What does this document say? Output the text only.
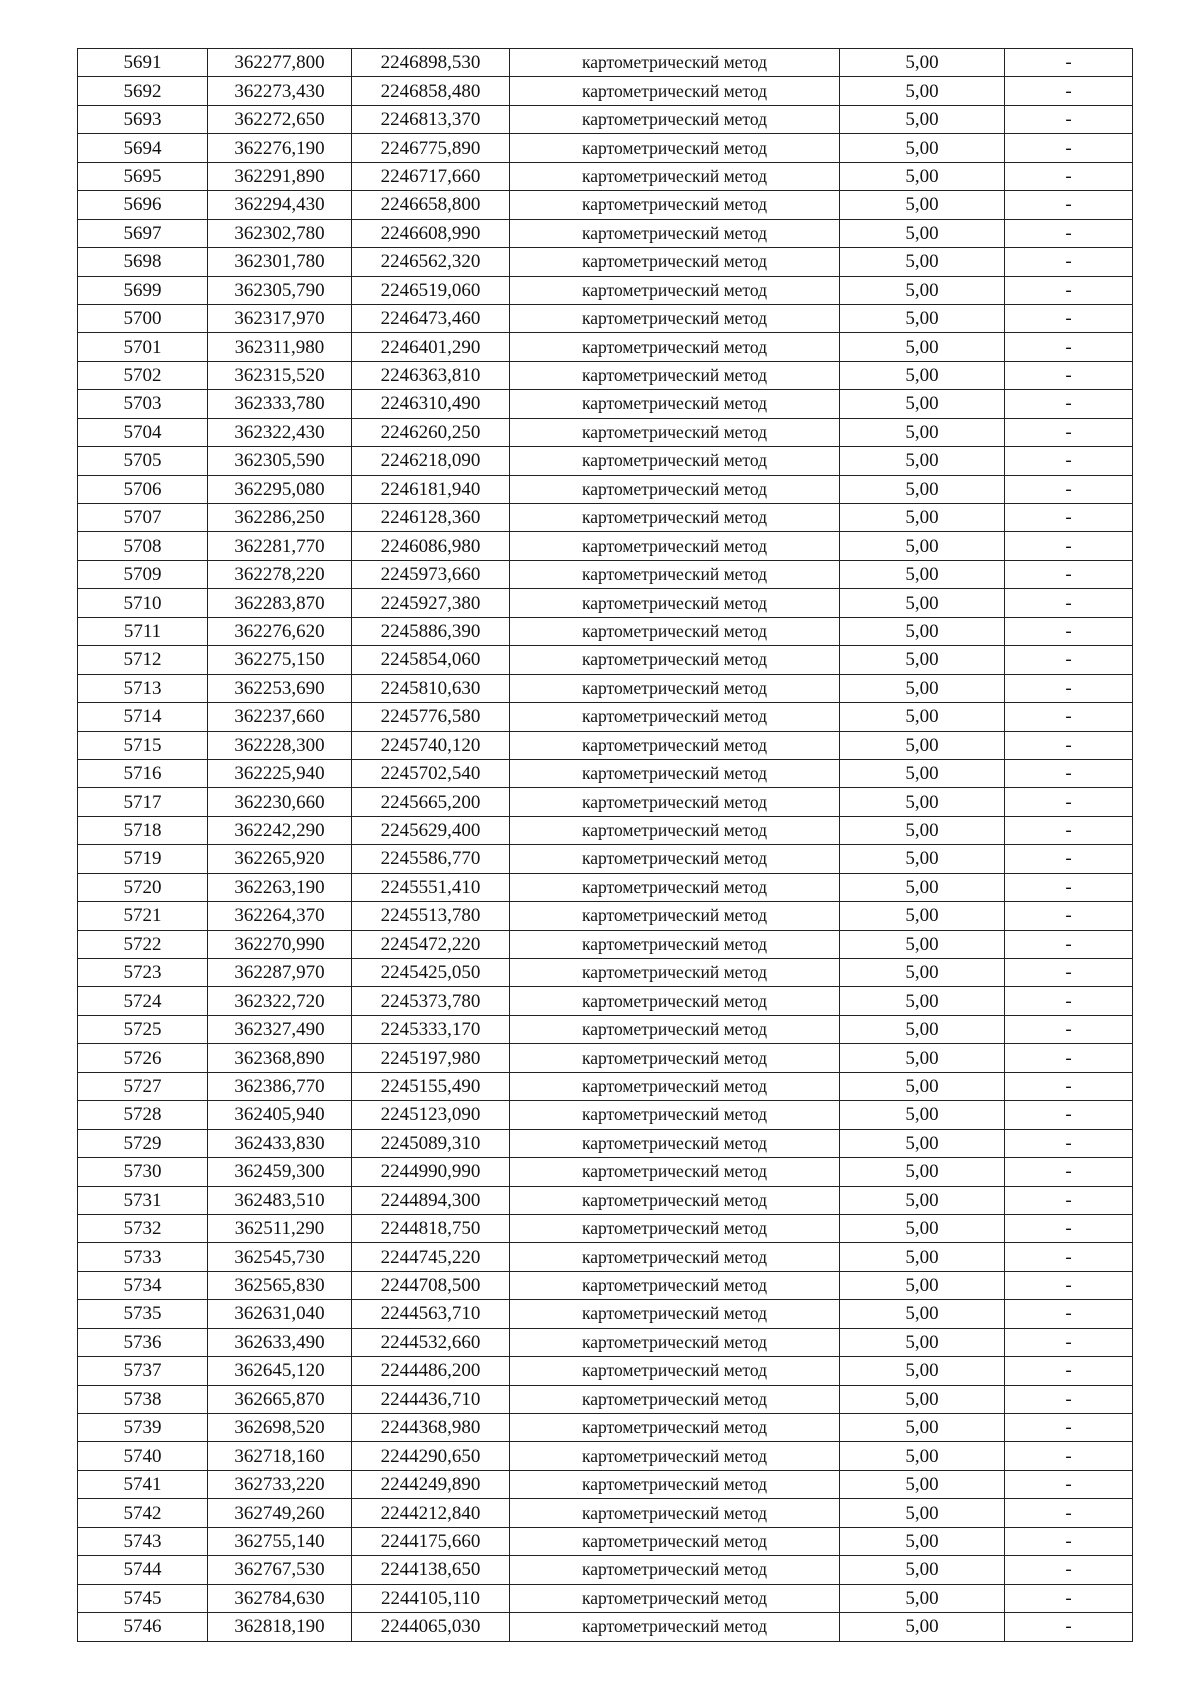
5691	362277,800	2246898,530	картометрический метод	5,00	-
5692	362273,430	2246858,480	картометрический метод	5,00	-
5693	362272,650	2246813,370	картометрический метод	5,00	-
5694	362276,190	2246775,890	картометрический метод	5,00	-
5695	362291,890	2246717,660	картометрический метод	5,00	-
5696	362294,430	2246658,800	картометрический метод	5,00	-
5697	362302,780	2246608,990	картометрический метод	5,00	-
5698	362301,780	2246562,320	картометрический метод	5,00	-
5699	362305,790	2246519,060	картометрический метод	5,00	-
5700	362317,970	2246473,460	картометрический метод	5,00	-
5701	362311,980	2246401,290	картометрический метод	5,00	-
5702	362315,520	2246363,810	картометрический метод	5,00	-
5703	362333,780	2246310,490	картометрический метод	5,00	-
5704	362322,430	2246260,250	картометрический метод	5,00	-
5705	362305,590	2246218,090	картометрический метод	5,00	-
5706	362295,080	2246181,940	картометрический метод	5,00	-
5707	362286,250	2246128,360	картометрический метод	5,00	-
5708	362281,770	2246086,980	картометрический метод	5,00	-
5709	362278,220	2245973,660	картометрический метод	5,00	-
5710	362283,870	2245927,380	картометрический метод	5,00	-
5711	362276,620	2245886,390	картометрический метод	5,00	-
5712	362275,150	2245854,060	картометрический метод	5,00	-
5713	362253,690	2245810,630	картометрический метод	5,00	-
5714	362237,660	2245776,580	картометрический метод	5,00	-
5715	362228,300	2245740,120	картометрический метод	5,00	-
5716	362225,940	2245702,540	картометрический метод	5,00	-
5717	362230,660	2245665,200	картометрический метод	5,00	-
5718	362242,290	2245629,400	картометрический метод	5,00	-
5719	362265,920	2245586,770	картометрический метод	5,00	-
5720	362263,190	2245551,410	картометрический метод	5,00	-
5721	362264,370	2245513,780	картометрический метод	5,00	-
5722	362270,990	2245472,220	картометрический метод	5,00	-
5723	362287,970	2245425,050	картометрический метод	5,00	-
5724	362322,720	2245373,780	картометрический метод	5,00	-
5725	362327,490	2245333,170	картометрический метод	5,00	-
5726	362368,890	2245197,980	картометрический метод	5,00	-
5727	362386,770	2245155,490	картометрический метод	5,00	-
5728	362405,940	2245123,090	картометрический метод	5,00	-
5729	362433,830	2245089,310	картометрический метод	5,00	-
5730	362459,300	2244990,990	картометрический метод	5,00	-
5731	362483,510	2244894,300	картометрический метод	5,00	-
5732	362511,290	2244818,750	картометрический метод	5,00	-
5733	362545,730	2244745,220	картометрический метод	5,00	-
5734	362565,830	2244708,500	картометрический метод	5,00	-
5735	362631,040	2244563,710	картометрический метод	5,00	-
5736	362633,490	2244532,660	картометрический метод	5,00	-
5737	362645,120	2244486,200	картометрический метод	5,00	-
5738	362665,870	2244436,710	картометрический метод	5,00	-
5739	362698,520	2244368,980	картометрический метод	5,00	-
5740	362718,160	2244290,650	картометрический метод	5,00	-
5741	362733,220	2244249,890	картометрический метод	5,00	-
5742	362749,260	2244212,840	картометрический метод	5,00	-
5743	362755,140	2244175,660	картометрический метод	5,00	-
5744	362767,530	2244138,650	картометрический метод	5,00	-
5745	362784,630	2244105,110	картометрический метод	5,00	-
5746	362818,190	2244065,030	картометрический метод	5,00	-
